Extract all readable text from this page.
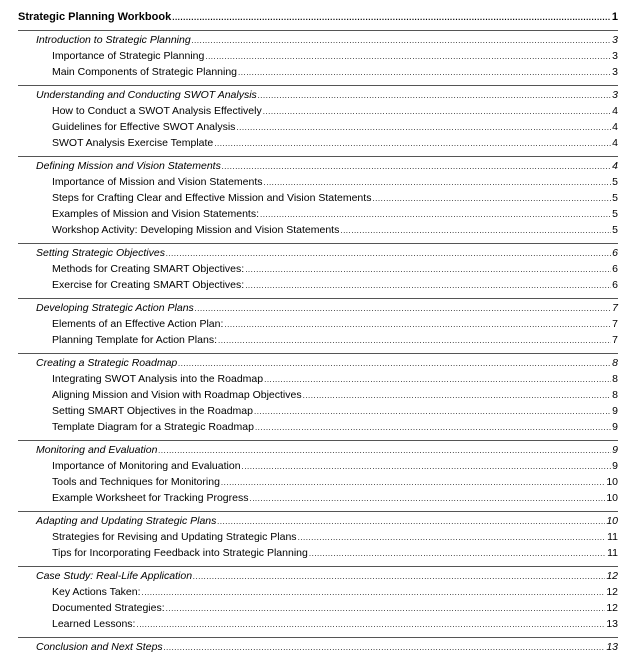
Strategic Planning Workbook .....	1
Introduction to Strategic Planning .....	3
Importance of Strategic Planning .....	3
Main Components of Strategic Planning .....	3
Understanding and Conducting SWOT Analysis .....	3
How to Conduct a SWOT Analysis Effectively .....	4
Guidelines for Effective SWOT Analysis .....	4
SWOT Analysis Exercise Template .....	4
Defining Mission and Vision Statements .....	4
Importance of Mission and Vision Statements .....	5
Steps for Crafting Clear and Effective Mission and Vision Statements .....	5
Examples of Mission and Vision Statements: .....	5
Workshop Activity: Developing Mission and Vision Statements .....	5
Setting Strategic Objectives .....	6
Methods for Creating SMART Objectives: .....	6
Exercise for Creating SMART Objectives: .....	6
Developing Strategic Action Plans .....	7
Elements of an Effective Action Plan: .....	7
Planning Template for Action Plans: .....	7
Creating a Strategic Roadmap .....	8
Integrating SWOT Analysis into the Roadmap .....	8
Aligning Mission and Vision with Roadmap Objectives .....	8
Setting SMART Objectives in the Roadmap .....	9
Template Diagram for a Strategic Roadmap .....	9
Monitoring and Evaluation .....	9
Importance of Monitoring and Evaluation .....	9
Tools and Techniques for Monitoring .....	10
Example Worksheet for Tracking Progress .....	10
Adapting and Updating Strategic Plans .....	10
Strategies for Revising and Updating Strategic Plans .....	11
Tips for Incorporating Feedback into Strategic Planning .....	11
Case Study: Real-Life Application .....	12
Key Actions Taken: .....	12
Documented Strategies: .....	12
Learned Lessons: .....	13
Conclusion and Next Steps .....	13
